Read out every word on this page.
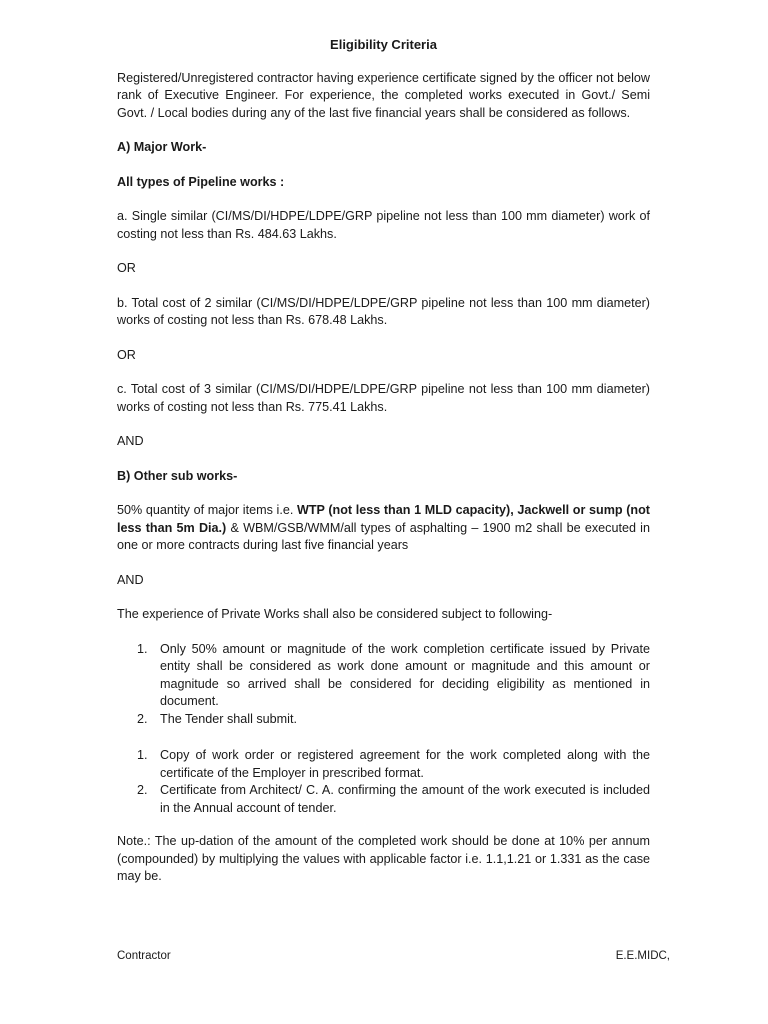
Eligibility Criteria

Registered/Unregistered contractor having experience certificate signed by the officer not below rank of Executive Engineer. For experience, the completed works executed in Govt./ Semi Govt. / Local bodies during any of the last five financial years shall be considered as follows.

A) Major Work-

All types of Pipeline works :

a. Single similar (CI/MS/DI/HDPE/LDPE/GRP pipeline not less than 100 mm diameter) work of costing not less than Rs. 484.63 Lakhs.

OR

b. Total cost of 2 similar (CI/MS/DI/HDPE/LDPE/GRP pipeline not less than 100 mm diameter) works of costing not less than Rs. 678.48 Lakhs.

OR

c. Total cost of 3 similar (CI/MS/DI/HDPE/LDPE/GRP pipeline not less than 100 mm diameter) works of costing not less than Rs. 775.41 Lakhs.

AND

B) Other sub works-

50% quantity of major items i.e. WTP (not less than 1 MLD capacity), Jackwell or sump (not less than 5m Dia.) & WBM/GSB/WMM/all types of asphalting – 1900 m2 shall be executed in one or more contracts during last five financial years

AND

The experience of Private Works shall also be considered subject to following-

1. Only 50% amount or magnitude of the work completion certificate issued by Private entity shall be considered as work done amount or magnitude and this amount or magnitude so arrived shall be considered for deciding eligibility as mentioned in document.
2. The Tender shall submit.
1. Copy of work order or registered agreement for the work completed along with the certificate of the Employer in prescribed format.
2. Certificate from Architect/ C. A. confirming the amount of the work executed is included in the Annual account of tender.

Note.: The up-dation of the amount of the completed work should be done at 10% per annum (compounded) by multiplying the values with applicable factor i.e. 1.1,1.21 or 1.331 as the case may be.

Contractor	E.E.MIDC,
